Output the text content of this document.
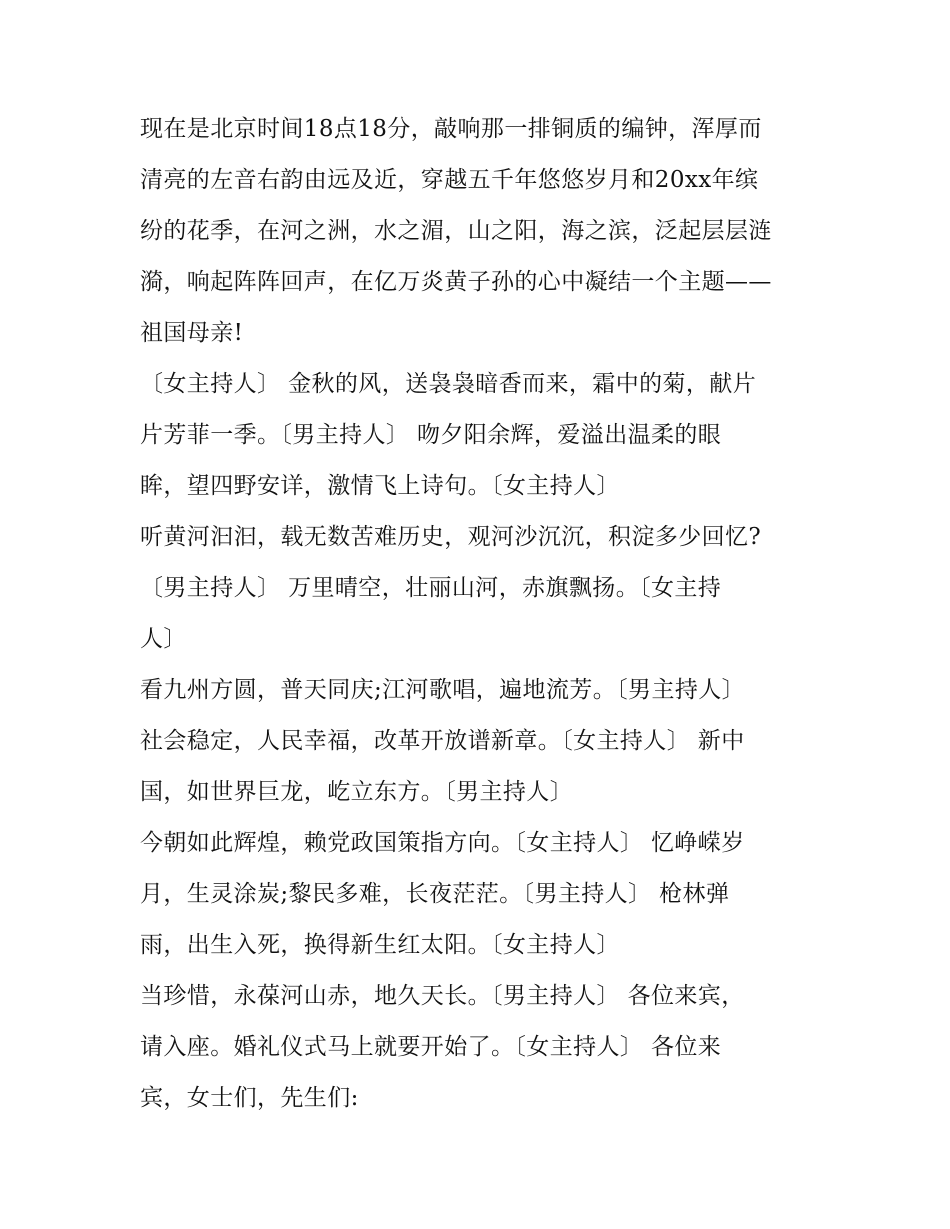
现在是北京时间18点18分，敲响那一排铜质的编钟，浑厚而
清亮的左音右韵由远及近，穿越五千年悠悠岁月和20xx年缤
纷的花季，在河之洲，水之湄，山之阳，海之滨，泛起层层涟
漪，响起阵阵回声，在亿万炎黄子孙的心中凝结一个主题——
祖国母亲!
〔女主持人〕 金秋的风，送袅袅暗香而来，霜中的菊，献片
片芳菲一季。〔男主持人〕 吻夕阳余辉，爱溢出温柔的眼
眸，望四野安详，激情飞上诗句。〔女主持人〕
听黄河汩汩，载无数苦难历史，观河沙沉沉，积淀多少回忆?
〔男主持人〕 万里晴空，壮丽山河，赤旗飘扬。〔女主持
人〕
看九州方圆，普天同庆;江河歌唱，遍地流芳。〔男主持人〕
社会稳定，人民幸福，改革开放谱新章。〔女主持人〕 新中
国，如世界巨龙，屹立东方。〔男主持人〕
今朝如此辉煌，赖党政国策指方向。〔女主持人〕 忆峥嵘岁
月，生灵涂炭;黎民多难，长夜茫茫。〔男主持人〕 枪林弹
雨，出生入死，换得新生红太阳。〔女主持人〕
当珍惜，永葆河山赤，地久天长。〔男主持人〕 各位来宾，
请入座。婚礼仪式马上就要开始了。〔女主持人〕 各位来
宾，女士们，先生们:
